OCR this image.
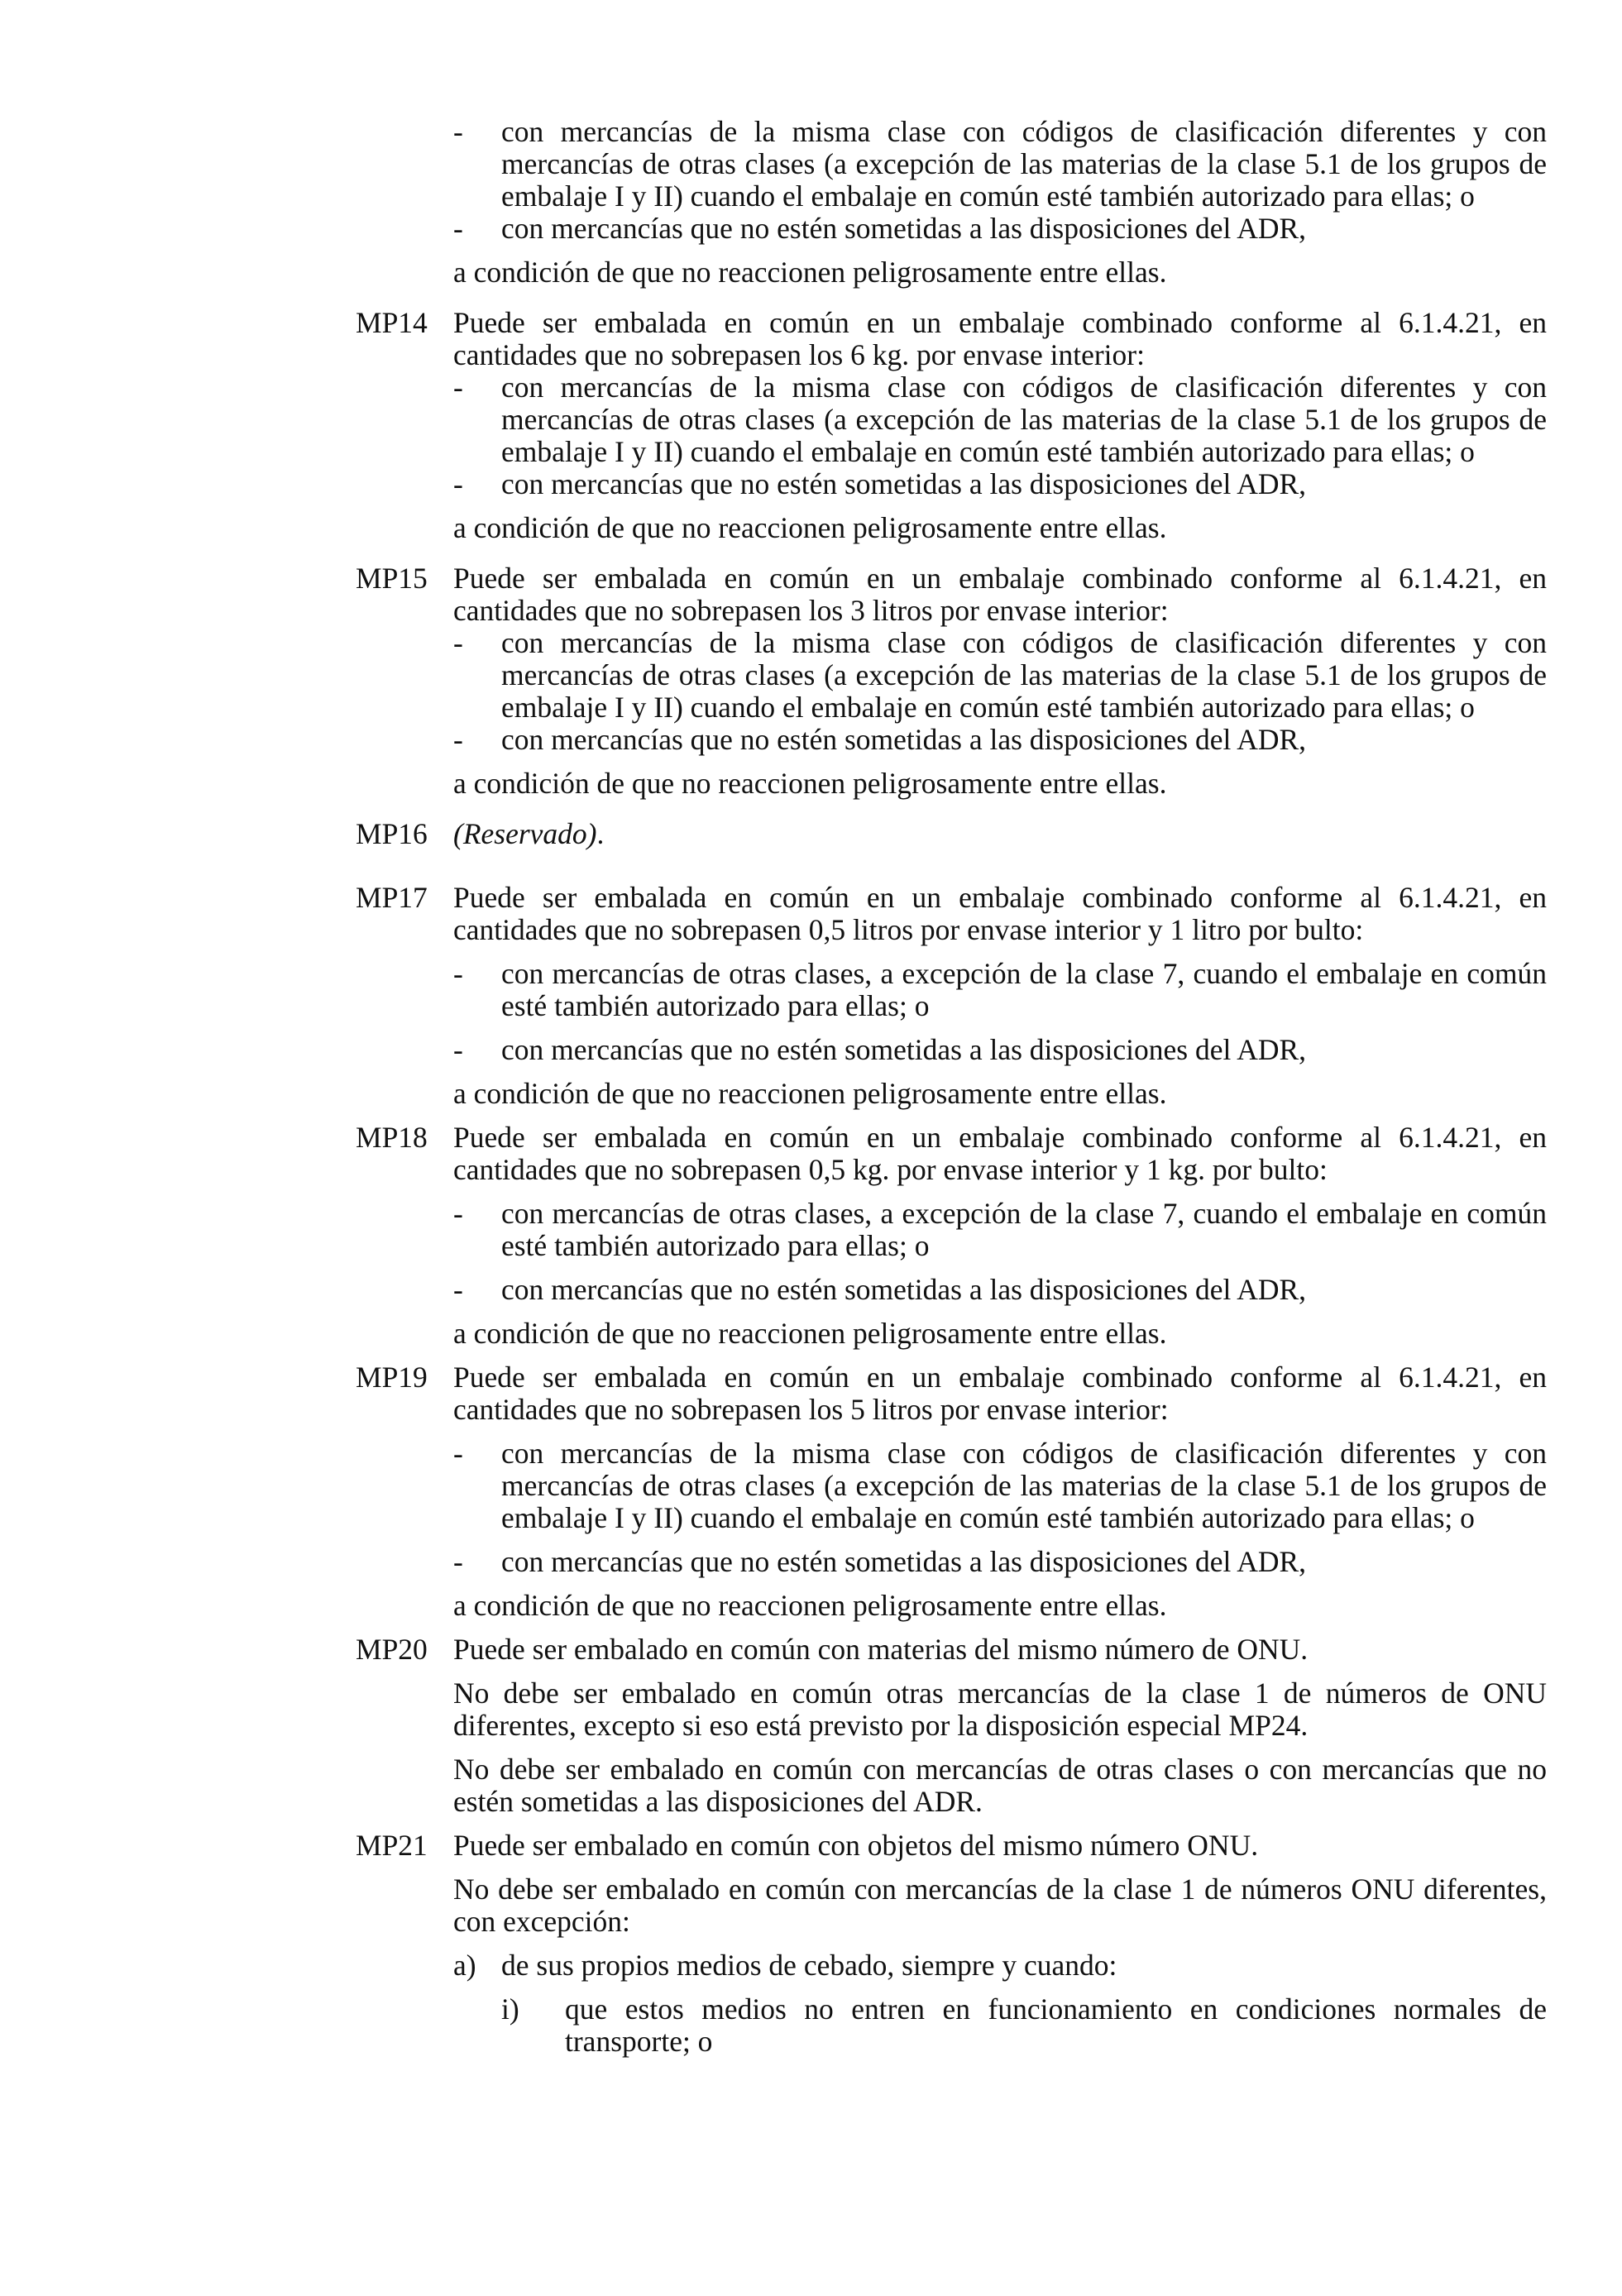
- con mercancías de la misma clase con códigos de clasificación diferentes y con mercancías de otras clases (a excepción de las materias de la clase 5.1 de los grupos de embalaje I y II) cuando el embalaje en común esté también autorizado para ellas; o
- con mercancías que no estén sometidas a las disposiciones del ADR,

a condición de que no reaccionen peligrosamente entre ellas.

MP14 Puede ser embalada en común en un embalaje combinado conforme al 6.1.4.21, en cantidades que no sobrepasen los 6 kg. por envase interior:

- con mercancías de la misma clase con códigos de clasificación diferentes y con mercancías de otras clases (a excepción de las materias de la clase 5.1 de los grupos de embalaje I y II) cuando el embalaje en común esté también autorizado para ellas; o
- con mercancías que no estén sometidas a las disposiciones del ADR,

a condición de que no reaccionen peligrosamente entre ellas.

MP15 Puede ser embalada en común en un embalaje combinado conforme al 6.1.4.21, en cantidades que no sobrepasen los 3 litros por envase interior:

- con mercancías de la misma clase con códigos de clasificación diferentes y con mercancías de otras clases (a excepción de las materias de la clase 5.1 de los grupos de embalaje I y II) cuando el embalaje en común esté también autorizado para ellas; o
- con mercancías que no estén sometidas a las disposiciones del ADR,

a condición de que no reaccionen peligrosamente entre ellas.

MP16 (Reservado).

MP17 Puede ser embalada en común en un embalaje combinado conforme al 6.1.4.21, en cantidades que no sobrepasen 0,5 litros por envase interior y 1 litro por bulto:

- con mercancías de otras clases, a excepción de la clase 7, cuando el embalaje en común esté también autorizado para ellas; o
- con mercancías que no estén sometidas a las disposiciones del ADR,

a condición de que no reaccionen peligrosamente entre ellas.

MP18 Puede ser embalada en común en un embalaje combinado conforme al 6.1.4.21, en cantidades que no sobrepasen 0,5 kg. por envase interior y 1 kg. por bulto:

- con mercancías de otras clases, a excepción de la clase 7, cuando el embalaje en común esté también autorizado para ellas; o
- con mercancías que no estén sometidas a las disposiciones del ADR,

a condición de que no reaccionen peligrosamente entre ellas.

MP19 Puede ser embalada en común en un embalaje combinado conforme al 6.1.4.21, en cantidades que no sobrepasen los 5 litros por envase interior:

- con mercancías de la misma clase con códigos de clasificación diferentes y con mercancías de otras clases (a excepción de las materias de la clase 5.1 de los grupos de embalaje I y II) cuando el embalaje en común esté también autorizado para ellas; o
- con mercancías que no estén sometidas a las disposiciones del ADR,

a condición de que no reaccionen peligrosamente entre ellas.

MP20 Puede ser embalado en común con materias del mismo número de ONU.

No debe ser embalado en común otras mercancías de la clase 1 de números de ONU diferentes, excepto si eso está previsto por la disposición especial MP24.

No debe ser embalado en común con mercancías de otras clases o con mercancías que no estén sometidas a las disposiciones del ADR.

MP21 Puede ser embalado en común con objetos del mismo número ONU.

No debe ser embalado en común con mercancías de la clase 1 de números ONU diferentes, con excepción:

a) de sus propios medios de cebado, siempre y cuando:
i) que estos medios no entren en funcionamiento en condiciones normales de transporte; o
